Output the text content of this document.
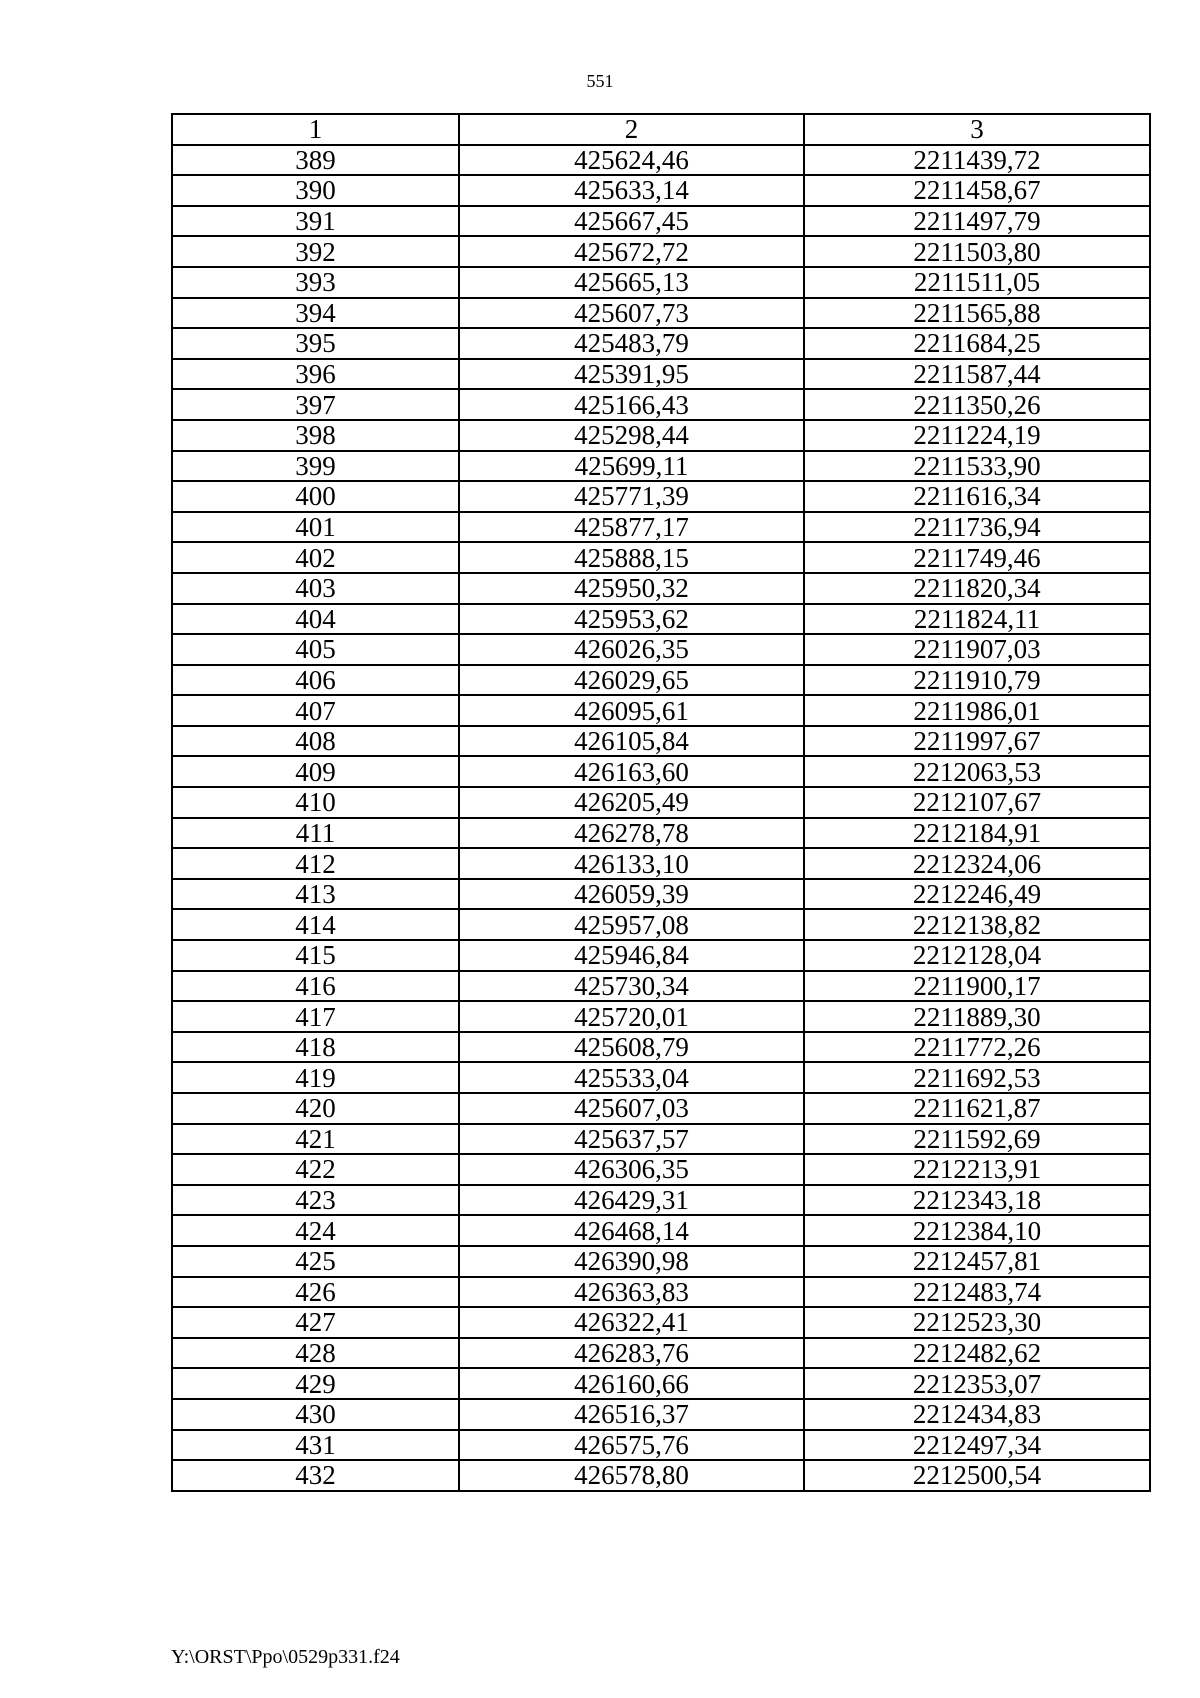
551
1	2	3
389	425624,46	2211439,72
390	425633,14	2211458,67
391	425667,45	2211497,79
392	425672,72	2211503,80
393	425665,13	2211511,05
394	425607,73	2211565,88
395	425483,79	2211684,25
396	425391,95	2211587,44
397	425166,43	2211350,26
398	425298,44	2211224,19
399	425699,11	2211533,90
400	425771,39	2211616,34
401	425877,17	2211736,94
402	425888,15	2211749,46
403	425950,32	2211820,34
404	425953,62	2211824,11
405	426026,35	2211907,03
406	426029,65	2211910,79
407	426095,61	2211986,01
408	426105,84	2211997,67
409	426163,60	2212063,53
410	426205,49	2212107,67
411	426278,78	2212184,91
412	426133,10	2212324,06
413	426059,39	2212246,49
414	425957,08	2212138,82
415	425946,84	2212128,04
416	425730,34	2211900,17
417	425720,01	2211889,30
418	425608,79	2211772,26
419	425533,04	2211692,53
420	425607,03	2211621,87
421	425637,57	2211592,69
422	426306,35	2212213,91
423	426429,31	2212343,18
424	426468,14	2212384,10
425	426390,98	2212457,81
426	426363,83	2212483,74
427	426322,41	2212523,30
428	426283,76	2212482,62
429	426160,66	2212353,07
430	426516,37	2212434,83
431	426575,76	2212497,34
432	426578,80	2212500,54
Y:\ORST\Ppo\0529p331.f24
